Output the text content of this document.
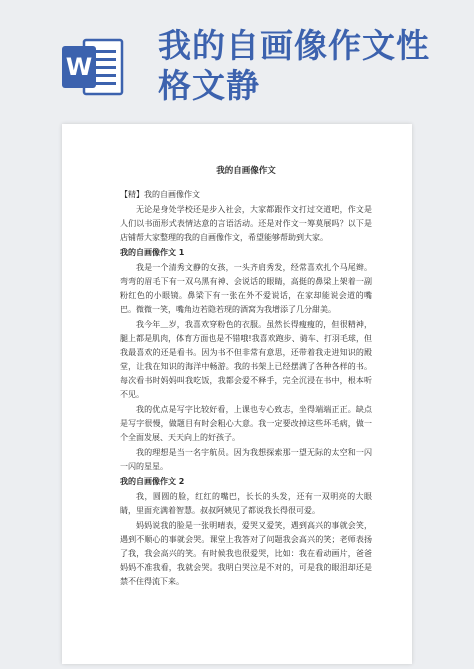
W
我的自画像作文性
格文静
我的自画像作文

【精】我的自画像作文

无论是身处学校还是步入社会，大家都跟作文打过交道吧，作文是人们以书面形式表情达意的言语活动。还是对作文一筹莫展吗？以下是店铺帮大家整理的我的自画像作文，希望能够帮助到大家。

我的自画像作文 1

我是一个清秀文静的女孩，一头齐肩秀发，经常喜欢扎个马尾辫。弯弯的眉毛下有一双乌黑有神、会说话的眼睛，高挺的鼻梁上架着一副粉红色的小眼镜。鼻梁下有一张在外不爱说话，在家却能说会道的嘴巴。微微一笑，嘴角边若隐若现的酒窝为我增添了几分甜美。

我今年＿岁，我喜欢穿粉色的衣服。虽然长得瘦瘦的，但很精神，腿上都是肌肉，体育方面也是不错哦!我喜欢跑步、骑车、打羽毛球，但我最喜欢的还是看书。因为书不但非常有意思，还带着我走进知识的殿堂，让我在知识的海洋中畅游。我的书架上已经摆满了各种各样的书。每次看书时妈妈叫我吃饭，我都会爱不释手，完全沉浸在书中，根本听不见。

我的优点是写字比较好看，上课也专心致志，坐得端端正正。缺点是写字很慢，做题目有时会粗心大意。我一定要改掉这些坏毛病，做一个全面发展、天天向上的好孩子。

我的理想是当一名宇航员。因为我想探索那一望无际的太空和一闪一闪的星星。

我的自画像作文 2

我，圆圆的脸，红红的嘴巴，长长的头发，还有一双明亮的大眼睛，里面充满着智慧。叔叔阿姨见了都说我长得很可爱。

妈妈说我的脸是一张明晴表，爱哭又爱笑，遇到高兴的事就会笑，遇到不顺心的事就会哭。课堂上我答对了问题我会高兴的笑；老师表扬了我，我会高兴的笑。有时候我也很爱哭，比如：我在看动画片，爸爸妈妈不准我看，我就会哭。我明白哭泣是不对的，可是我的眼泪却还是禁不住得流下来。
